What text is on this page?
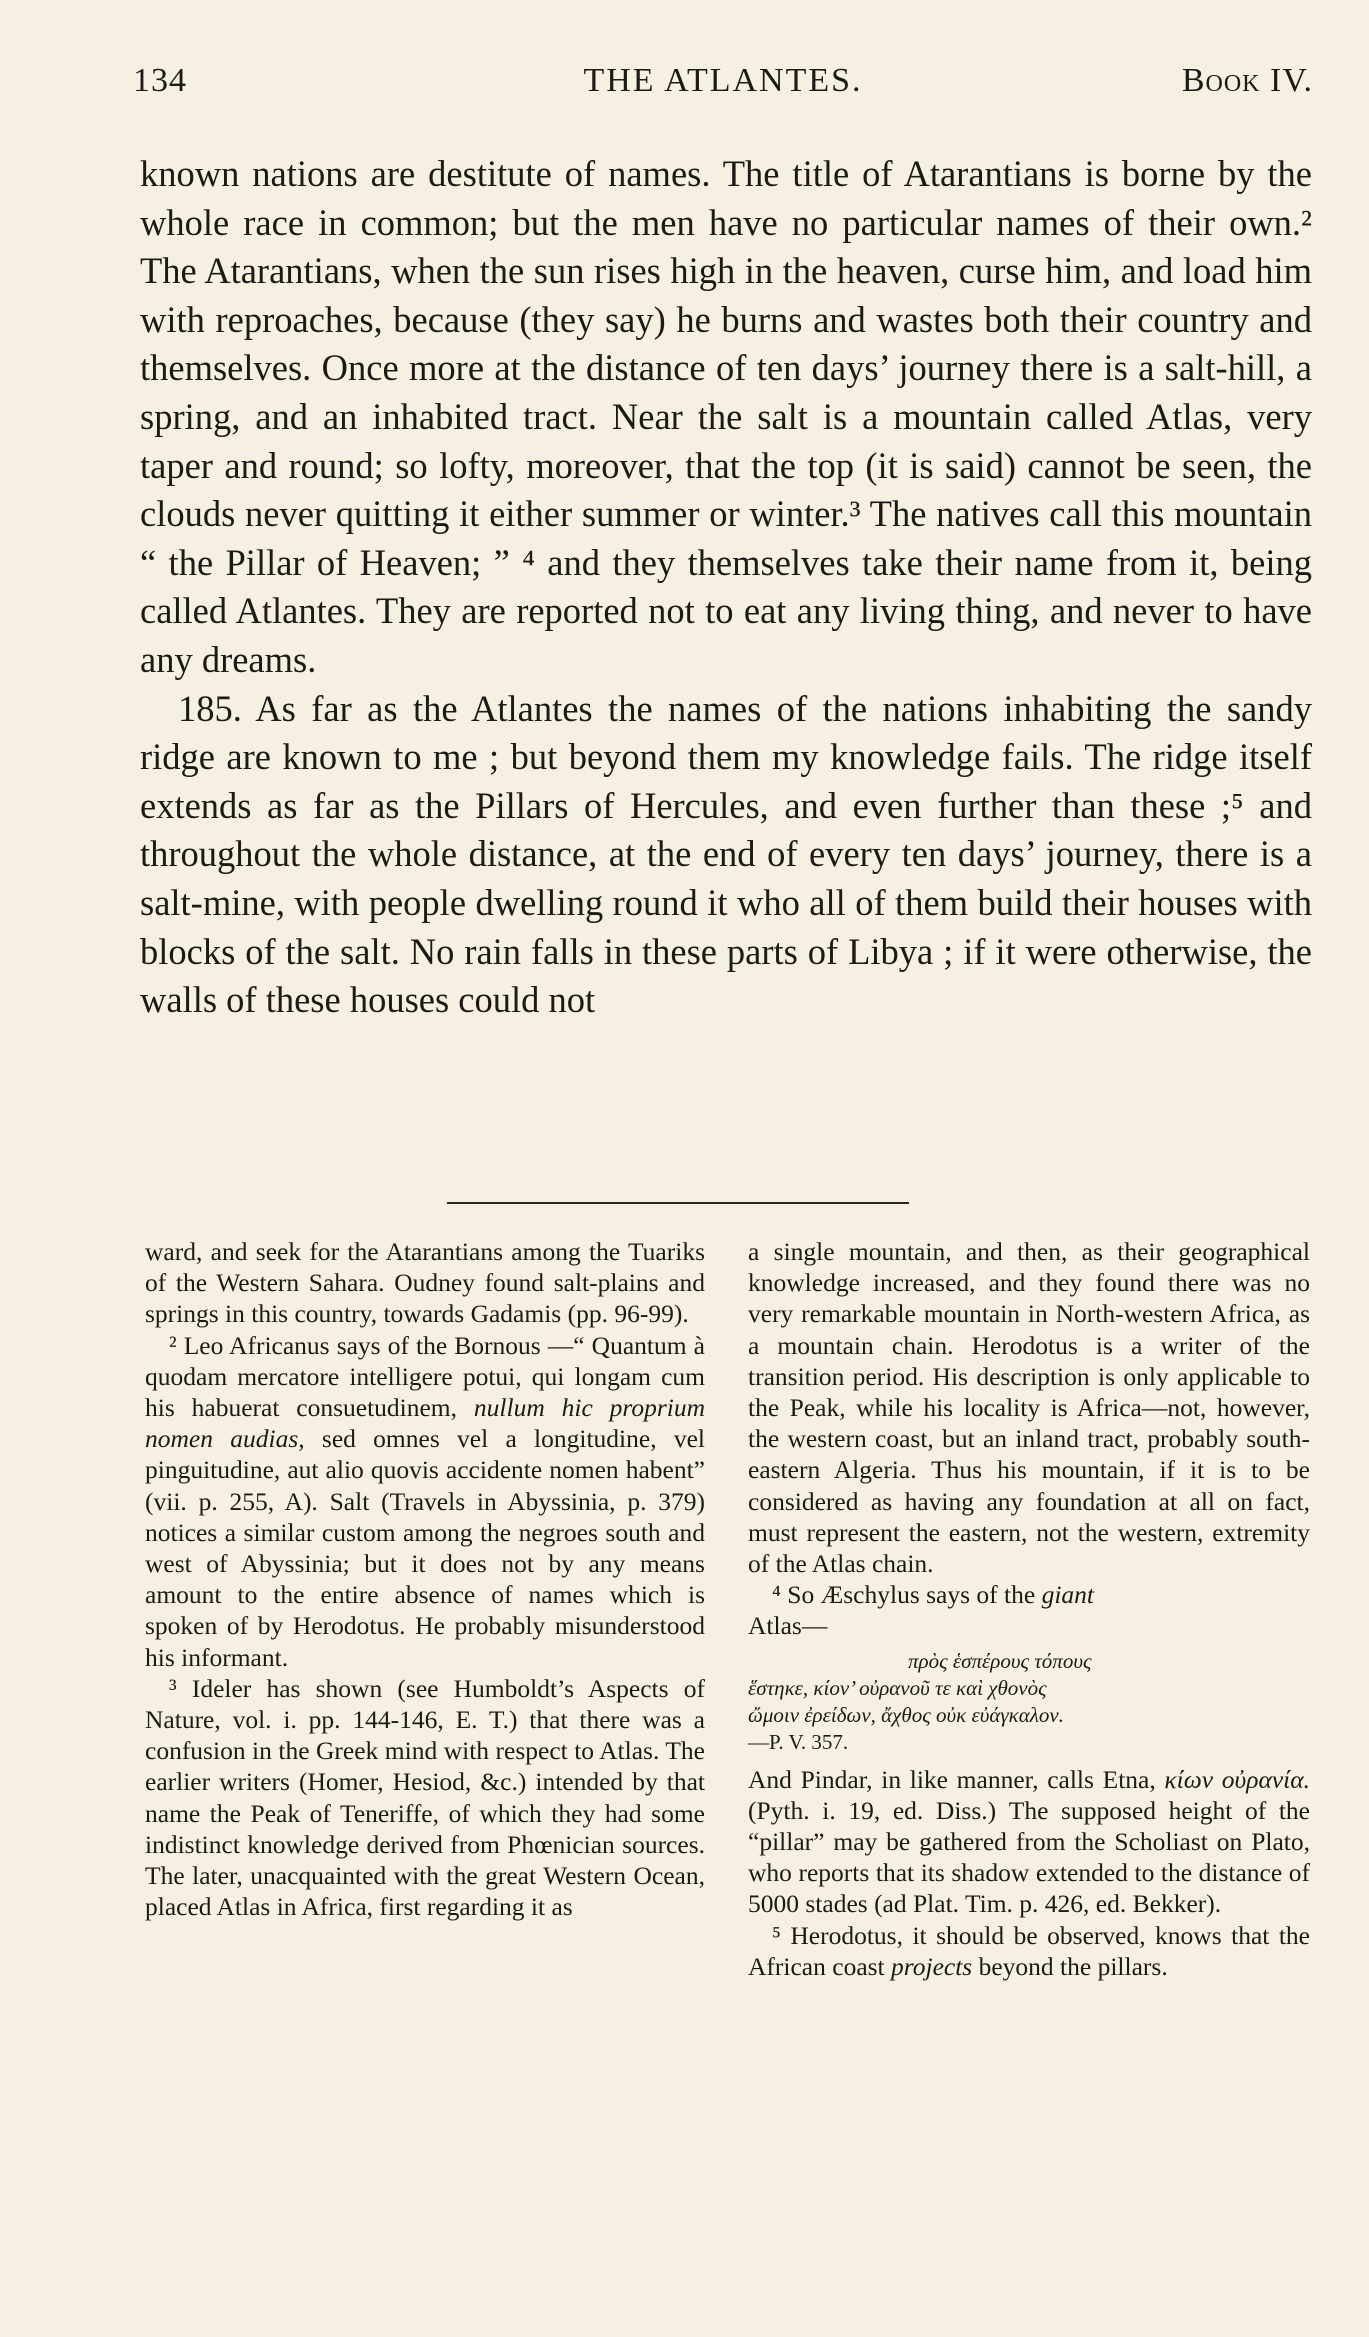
134	THE ATLANTES.	Book IV.

known nations are destitute of names. The title of Atarantians is borne by the whole race in common; but the men have no particular names of their own.² The Atarantians, when the sun rises high in the heaven, curse him, and load him with reproaches, because (they say) he burns and wastes both their country and themselves. Once more at the distance of ten days’ journey there is a salt-hill, a spring, and an inhabited tract. Near the salt is a mountain called Atlas, very taper and round; so lofty, moreover, that the top (it is said) cannot be seen, the clouds never quitting it either summer or winter.³ The natives call this mountain “ the Pillar of Heaven; ” ⁴ and they themselves take their name from it, being called Atlantes. They are reported not to eat any living thing, and never to have any dreams.

185. As far as the Atlantes the names of the nations inhabiting the sandy ridge are known to me ; but beyond them my knowledge fails. The ridge itself extends as far as the Pillars of Hercules, and even further than these ;⁵ and throughout the whole distance, at the end of every ten days’ journey, there is a salt-mine, with people dwelling round it who all of them build their houses with blocks of the salt. No rain falls in these parts of Libya ; if it were otherwise, the walls of these houses could not

ward, and seek for the Atarantians among the Tuariks of the Western Sahara. Oudney found salt-plains and springs in this country, towards Gadamis (pp. 96-99).

² Leo Africanus says of the Bornous —“ Quantum à quodam mercatore intelligere potui, qui longam cum his habuerat consuetudinem, nullum hic proprium nomen audias, sed omnes vel a longitudine, vel pinguitudine, aut alio quovis accidente nomen habent” (vii. p. 255, A). Salt (Travels in Abyssinia, p. 379) notices a similar custom among the negroes south and west of Abyssinia; but it does not by any means amount to the entire absence of names which is spoken of by Herodotus. He probably misunderstood his informant.

³ Ideler has shown (see Humboldt’s Aspects of Nature, vol. i. pp. 144-146, E. T.) that there was a confusion in the Greek mind with respect to Atlas. The earlier writers (Homer, Hesiod, &c.) intended by that name the Peak of Teneriffe, of which they had some indistinct knowledge derived from Phœnician sources. The later, unacquainted with the great Western Ocean, placed Atlas in Africa, first regarding it as

a single mountain, and then, as their geographical knowledge increased, and they found there was no very remarkable mountain in North-western Africa, as a mountain chain. Herodotus is a writer of the transition period. His description is only applicable to the Peak, while his locality is Africa—not, however, the western coast, but an inland tract, probably south-eastern Algeria. Thus his mountain, if it is to be considered as having any foundation at all on fact, must represent the eastern, not the western, extremity of the Atlas chain.

⁴ So Æschylus says of the giant
Atlas—

πρὸς ἑσπέρους τόπους
ἕστηκε, κίον’ οὐρανοῦ τε καὶ χθονὸς
ὤμοιν ἐρείδων, ἄχθος οὐκ εὐάγκαλον.
—P. V. 357.

And Pindar, in like manner, calls Etna, κίων οὐρανία. (Pyth. i. 19, ed. Diss.) The supposed height of the “pillar” may be gathered from the Scholiast on Plato, who reports that its shadow extended to the distance of 5000 stades (ad Plat. Tim. p. 426, ed. Bekker).

⁵ Herodotus, it should be observed, knows that the African coast projects beyond the pillars.
